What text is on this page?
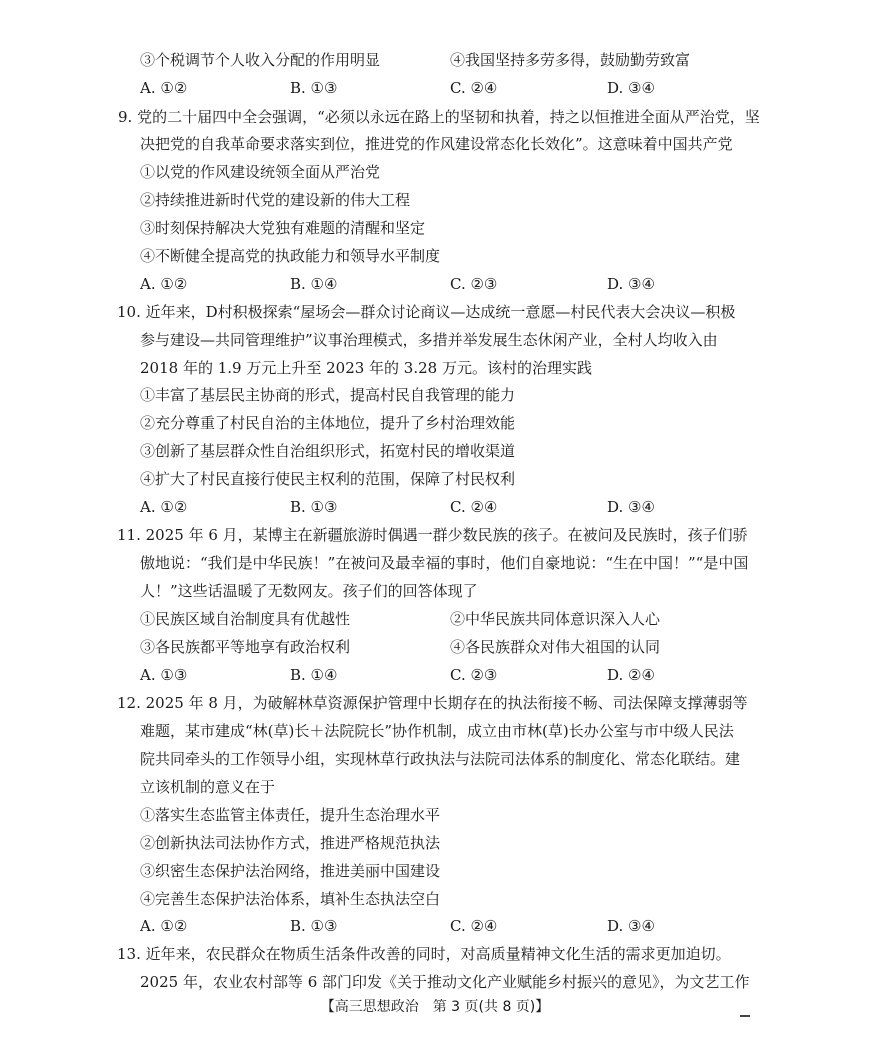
③个税调节个人收入分配的作用明显	④我国坚持多劳多得，鼓励勤劳致富
A. ①②	B. ①③	C. ②④	D. ③④
9. 党的二十届四中全会强调，“必须以永远在路上的坚韧和执着，持之以恒推进全面从严治党，坚
决把党的自我革命要求落实到位，推进党的作风建设常态化长效化”。这意味着中国共产党
①以党的作风建设统领全面从严治党
②持续推进新时代党的建设新的伟大工程
③时刻保持解决大党独有难题的清醒和坚定
④不断健全提高党的执政能力和领导水平制度
A. ①②	B. ①④	C. ②③	D. ③④
10. 近年来，D村积极探索“屋场会—群众讨论商议—达成统一意愿—村民代表大会决议—积极
参与建设—共同管理维护”议事治理模式，多措并举发展生态休闲产业，全村人均收入由
2018 年的 1.9 万元上升至 2023 年的 3.28 万元。该村的治理实践
①丰富了基层民主协商的形式，提高村民自我管理的能力
②充分尊重了村民自治的主体地位，提升了乡村治理效能
③创新了基层群众性自治组织形式，拓宽村民的增收渠道
④扩大了村民直接行使民主权利的范围，保障了村民权利
A. ①②	B. ①③	C. ②④	D. ③④
11. 2025 年 6 月，某博主在新疆旅游时偶遇一群少数民族的孩子。在被问及民族时，孩子们骄
傲地说：“我们是中华民族！”在被问及最幸福的事时，他们自豪地说：“生在中国！”“是中国
人！”这些话温暖了无数网友。孩子们的回答体现了
①民族区域自治制度具有优越性	②中华民族共同体意识深入人心
③各民族都平等地享有政治权利	④各民族群众对伟大祖国的认同
A. ①③	B. ①④	C. ②③	D. ②④
12. 2025 年 8 月，为破解林草资源保护管理中长期存在的执法衔接不畅、司法保障支撑薄弱等
难题，某市建成“林(草)长＋法院院长”协作机制，成立由市林(草)长办公室与市中级人民法
院共同牵头的工作领导小组，实现林草行政执法与法院司法体系的制度化、常态化联结。建
立该机制的意义在于
①落实生态监管主体责任，提升生态治理水平
②创新执法司法协作方式，推进严格规范执法
③织密生态保护法治网络，推进美丽中国建设
④完善生态保护法治体系，填补生态执法空白
A. ①②	B. ①③	C. ②④	D. ③④
13. 近年来，农民群众在物质生活条件改善的同时，对高质量精神文化生活的需求更加迫切。
2025 年，农业农村部等 6 部门印发《关于推动文化产业赋能乡村振兴的意见》，为文艺工作
【高三思想政治　第 3 页(共 8 页)】
